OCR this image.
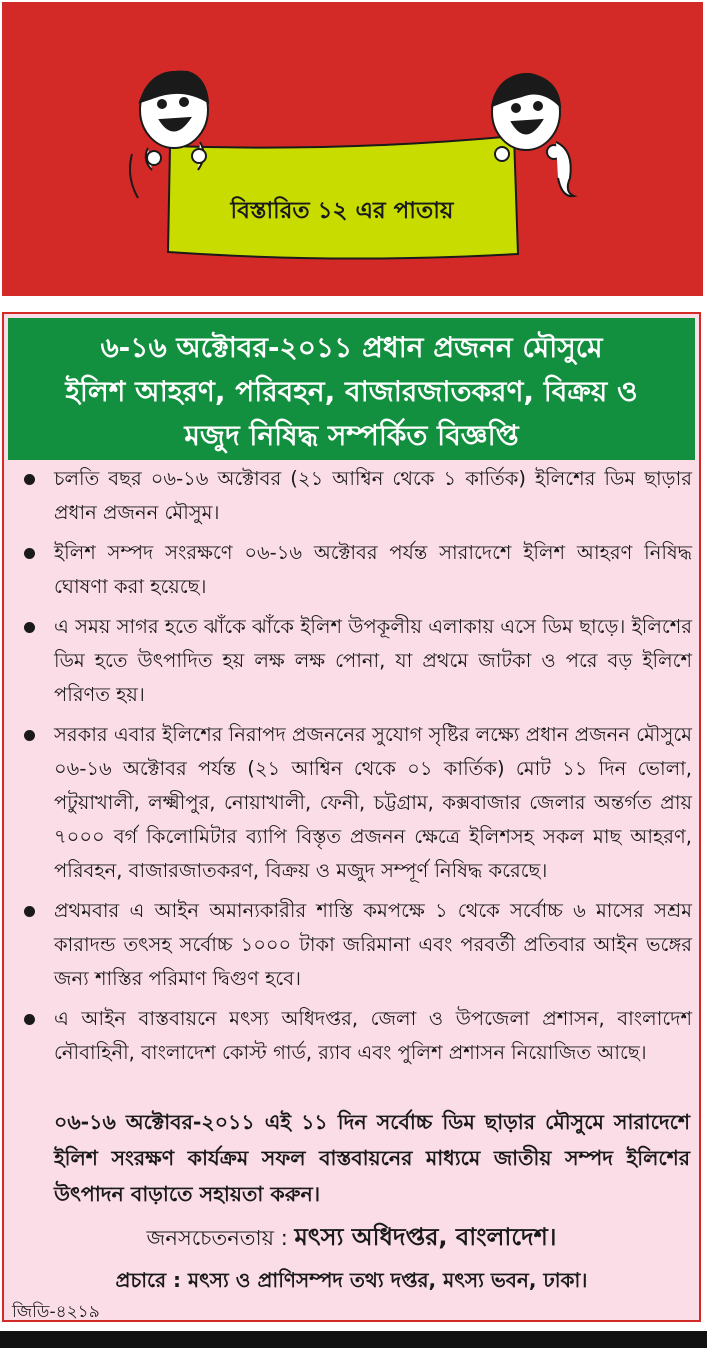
বিস্তারিত ১২ এর পাতায়
৬-১৬ অক্টোবর-২০১১ প্রধান প্রজনন মৌসুমে
ইলিশ আহরণ, পরিবহন, বাজারজাতকরণ, বিক্রয় ও
মজুদ নিষিদ্ধ সম্পর্কিত বিজ্ঞপ্তি
চলতি বছর ০৬-১৬ অক্টোবর (২১ আশ্বিন থেকে ১ কার্তিক) ইলিশের ডিম ছাড়ার প্রধান প্রজনন মৌসুম।
ইলিশ সম্পদ সংরক্ষণে ০৬-১৬ অক্টোবর পর্যন্ত সারাদেশে ইলিশ আহরণ নিষিদ্ধ ঘোষণা করা হয়েছে।
এ সময় সাগর হতে ঝাঁকে ঝাঁকে ইলিশ উপকূলীয় এলাকায় এসে ডিম ছাড়ে। ইলিশের ডিম হতে উৎপাদিত হয় লক্ষ লক্ষ পোনা, যা প্রথমে জাটকা ও পরে বড় ইলিশে পরিণত হয়।
সরকার এবার ইলিশের নিরাপদ প্রজননের সুযোগ সৃষ্টির লক্ষ্যে প্রধান প্রজনন মৌসুমে ০৬-১৬ অক্টোবর পর্যন্ত (২১ আশ্বিন থেকে ০১ কার্তিক) মোট ১১ দিন ভোলা, পটুয়াখালী, লক্ষ্মীপুর, নোয়াখালী, ফেনী, চট্টগ্রাম, কক্সবাজার জেলার অন্তর্গত প্রায় ৭০০০ বর্গ কিলোমিটার ব্যাপি বিস্তৃত প্রজনন ক্ষেত্রে ইলিশসহ সকল মাছ আহরণ, পরিবহন, বাজারজাতকরণ, বিক্রয় ও মজুদ সম্পূর্ণ নিষিদ্ধ করেছে।
প্রথমবার এ আইন অমান্যকারীর শাস্তি কমপক্ষে ১ থেকে সর্বোচ্চ ৬ মাসের সশ্রম কারাদন্ড তৎসহ সর্বোচ্চ ১০০০ টাকা জরিমানা এবং পরবর্তী প্রতিবার আইন ভঙ্গের জন্য শাস্তির পরিমাণ দ্বিগুণ হবে।
এ আইন বাস্তবায়নে মৎস্য অধিদপ্তর, জেলা ও উপজেলা প্রশাসন, বাংলাদেশ নৌবাহিনী, বাংলাদেশ কোস্ট গার্ড, র‌্যাব এবং পুলিশ প্রশাসন নিয়োজিত আছে।
০৬-১৬ অক্টোবর-২০১১ এই ১১ দিন সর্বোচ্চ ডিম ছাড়ার মৌসুমে সারাদেশে ইলিশ সংরক্ষণ কার্যক্রম সফল বাস্তবায়নের মাধ্যমে জাতীয় সম্পদ ইলিশের উৎপাদন বাড়াতে সহায়তা করুন।
জনসচেতনতায় : মৎস্য অধিদপ্তর, বাংলাদেশ।
প্রচারে : মৎস্য ও প্রাণিসম্পদ তথ্য দপ্তর, মৎস্য ভবন, ঢাকা।
জিডি-৪২১৯
